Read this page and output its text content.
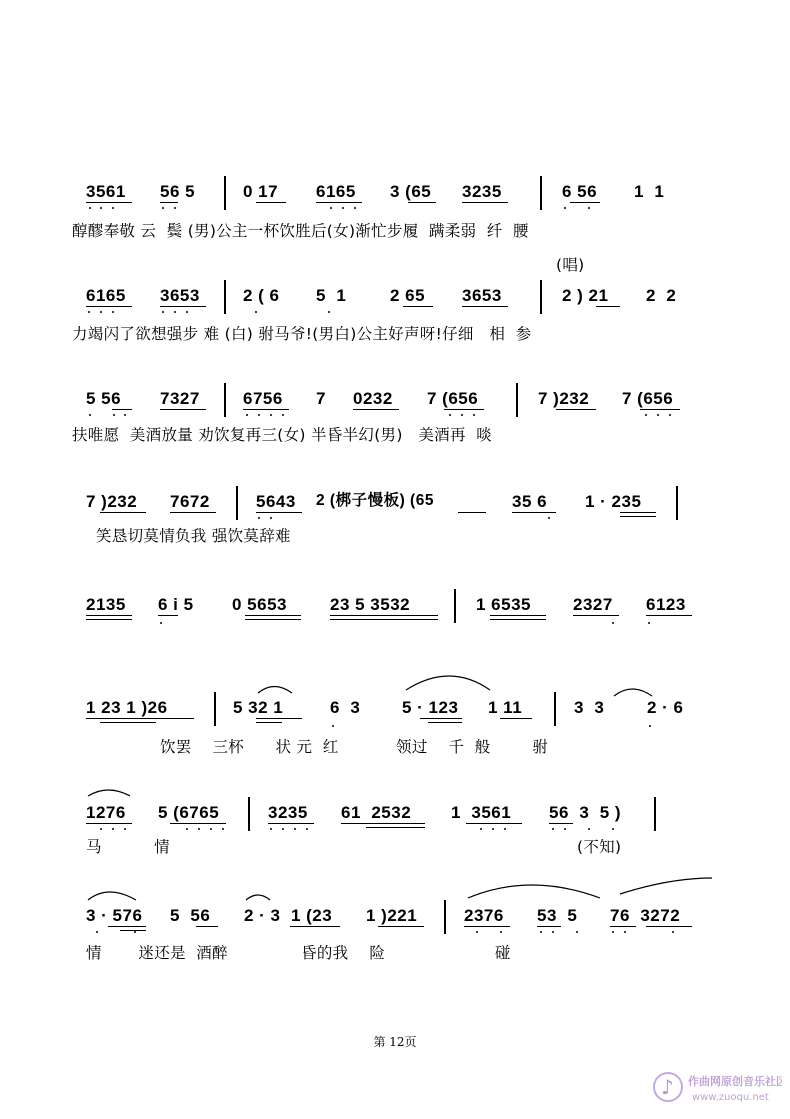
3561 56 5	0 17 6165 3 (65 3235	6 56 1  1
醇醪奉敬 云  鬓 (男)公主一杯饮胜后(女)渐忙步履  蹒柔弱  纤  腰
(唱)
6165 3653	2 ( 6 5  1	2 65 3653	2 ) 21 2  2
力竭闪了欲想强步 难 (白) 驸马爷!(男白)公主好声呀!仔细   相  参
5 56 7327	6756 7 0232 7 (656	7 )232 7 (656
扶唯愿  美酒放量 劝饮复再三(女) 半昏半幻(男)   美酒再  啖
7 )232 7672	5643 2 (梆子慢板) (65	35 6 1 · 235
笑恳切莫情负我 强饮莫辞难
2135 6 i 5 0 5653	23 5 3532	1 6535 2327 6123
1 23 1 )26	5 32 1	6  3 5 · 123 1 11	3  3	2 · 6
饮罢    三杯      状 元  红           领过    千  般        驸
1276 5 (6765	3235 61  2532 1  3561 56  3  5 )
马          情	(不知)
3 · 576 5  56 2 · 3  1 (23 1 )221	2376 53  5 76  3272
情       迷还是  酒醉              昏的我    险                     碰
第 12页
♪ 作曲网原创音乐社区
www.zuoqu.net
